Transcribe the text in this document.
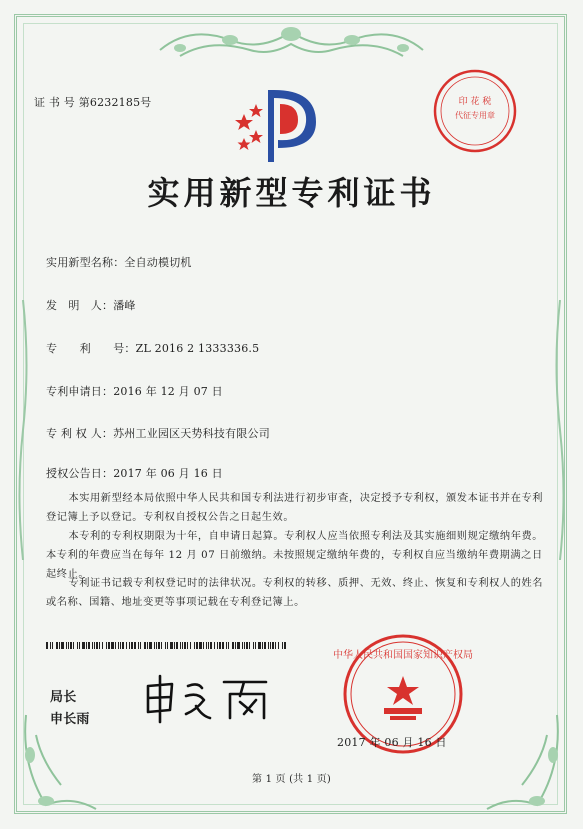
证 书 号 第6232185号	印 花 税
代征专用章
实用新型专利证书
实用新型名称：全自动模切机
发　明　人：潘峰
专　　利　　号：ZL 2016 2 1333336.5
专利申请日：2016 年 12 月 07 日
专 利 权 人：苏州工业园区天势科技有限公司
授权公告日：2017 年 06 月 16 日
本实用新型经本局依照中华人民共和国专利法进行初步审查，决定授予专利权，颁发本证书并在专利登记簿上予以登记。专利权自授权公告之日起生效。
本专利的专利权期限为十年，自申请日起算。专利权人应当依照专利法及其实施细则规定缴纳年费。本专利的年费应当在每年 12 月 07 日前缴纳。未按照规定缴纳年费的，专利权自应当缴纳年费期满之日起终止。
专利证书记载专利权登记时的法律状况。专利权的转移、质押、无效、终止、恢复和专利权人的姓名或名称、国籍、地址变更等事项记载在专利登记簿上。
局长
申长雨
中华人民共和国国家知识产权局
2017 年 06 月 16 日
第 1 页 (共 1 页)
